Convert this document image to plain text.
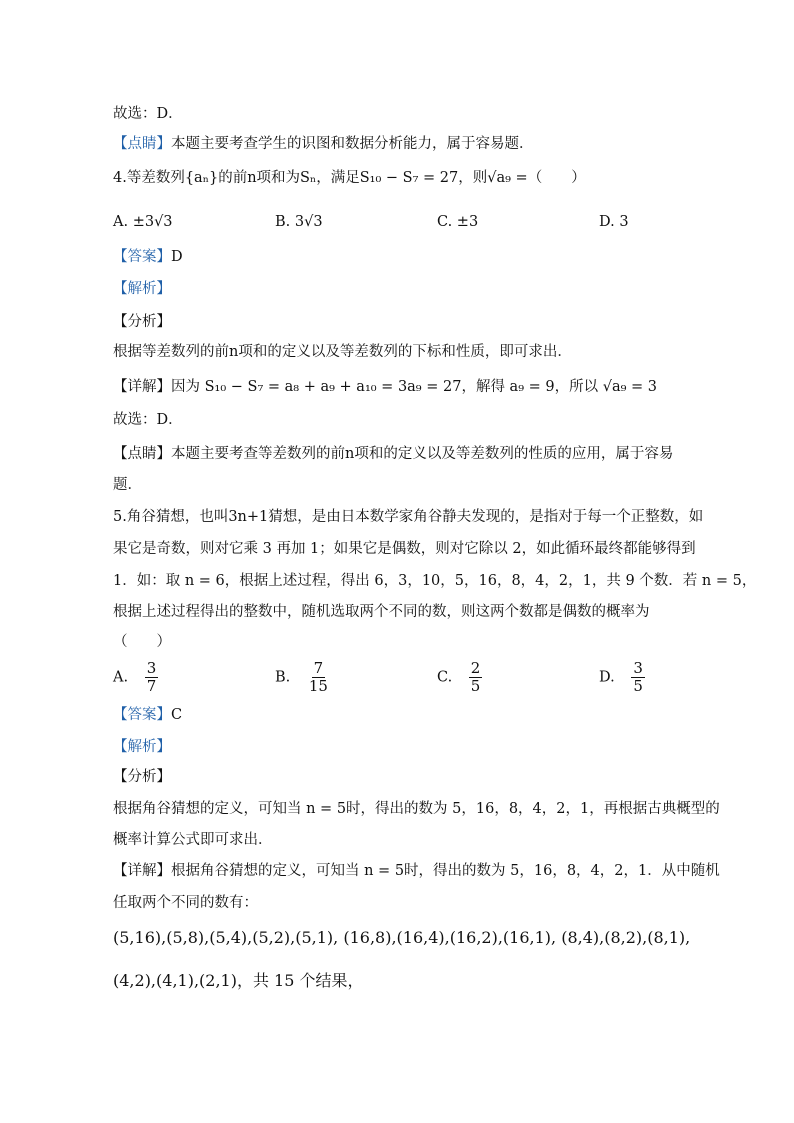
故选：D．
【点睛】本题主要考查学生的识图和数据分析能力，属于容易题．
4.等差数列{aₙ}的前n项和为Sₙ，满足S₁₀ − S₇ = 27，则√a₉ =（　　）
A. ±3√3	B. 3√3	C. ±3	D. 3
【答案】D
【解析】
【分析】
根据等差数列的前n项和的定义以及等差数列的下标和性质，即可求出．
【详解】因为 S₁₀ − S₇ = a₈ + a₉ + a₁₀ = 3a₉ = 27，解得 a₉ = 9，所以 √a₉ = 3
故选：D．
【点睛】本题主要考查等差数列的前n项和的定义以及等差数列的性质的应用，属于容易
题．
5.角谷猜想，也叫3n+1猜想，是由日本数学家角谷静夫发现的，是指对于每一个正整数，如
果它是奇数，则对它乘 3 再加 1；如果它是偶数，则对它除以 2，如此循环最终都能够得到
1．如：取 n = 6，根据上述过程，得出 6，3，10，5，16，8，4，2，1，共 9 个数．若 n = 5，
根据上述过程得出的整数中，随机选取两个不同的数，则这两个数都是偶数的概率为
（　　）
A. $\frac{3}{7}$	B. $\frac{7}{15}$	C. $\frac{2}{5}$	D. $\frac{3}{5}$
【答案】C
【解析】
【分析】
根据角谷猜想的定义，可知当 n = 5时，得出的数为 5，16，8，4，2，1，再根据古典概型的
概率计算公式即可求出．
【详解】根据角谷猜想的定义，可知当 n = 5时，得出的数为 5，16，8，4，2，1．从中随机
任取两个不同的数有：
(5,16),(5,8),(5,4),(5,2),(5,1), (16,8),(16,4),(16,2),(16,1), (8,4),(8,2),(8,1),
(4,2),(4,1),(2,1)，共 15 个结果，
